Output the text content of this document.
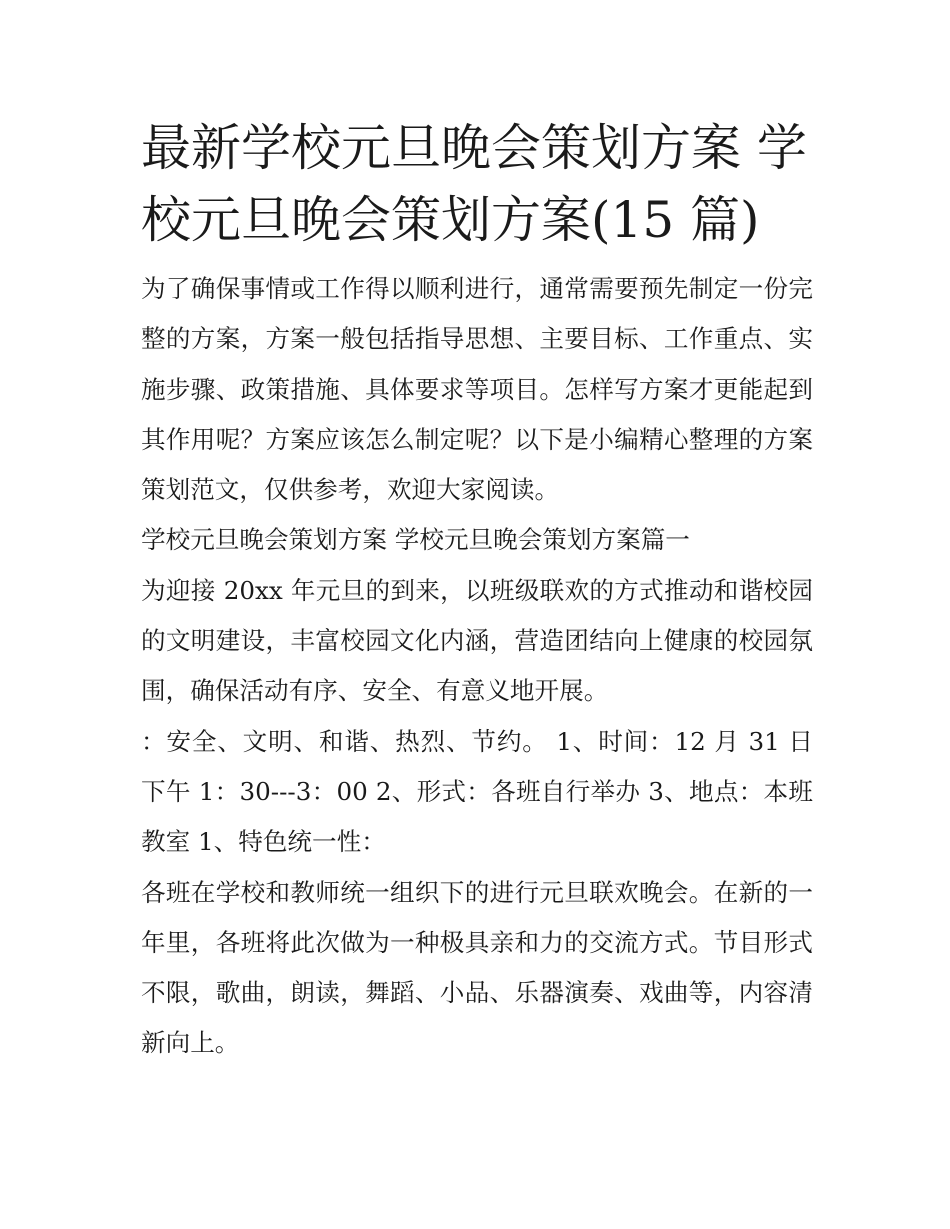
最新学校元旦晚会策划方案 学校元旦晚会策划方案(15 篇)

为了确保事情或工作得以顺利进行，通常需要预先制定一份完整的方案，方案一般包括指导思想、主要目标、工作重点、实施步骤、政策措施、具体要求等项目。怎样写方案才更能起到其作用呢？方案应该怎么制定呢？以下是小编精心整理的方案策划范文，仅供参考，欢迎大家阅读。

学校元旦晚会策划方案 学校元旦晚会策划方案篇一

为迎接 20xx 年元旦的到来，以班级联欢的方式推动和谐校园的文明建设，丰富校园文化内涵，营造团结向上健康的校园氛围，确保活动有序、安全、有意义地开展。

：安全、文明、和谐、热烈、节约。 1、时间：12 月 31 日下午 1：30---3：00 2、形式：各班自行举办 3、地点：本班教室 1、特色统一性：

各班在学校和教师统一组织下的进行元旦联欢晚会。在新的一年里，各班将此次做为一种极具亲和力的交流方式。节目形式不限，歌曲，朗读，舞蹈、小品、乐器演奏、戏曲等，内容清新向上。
